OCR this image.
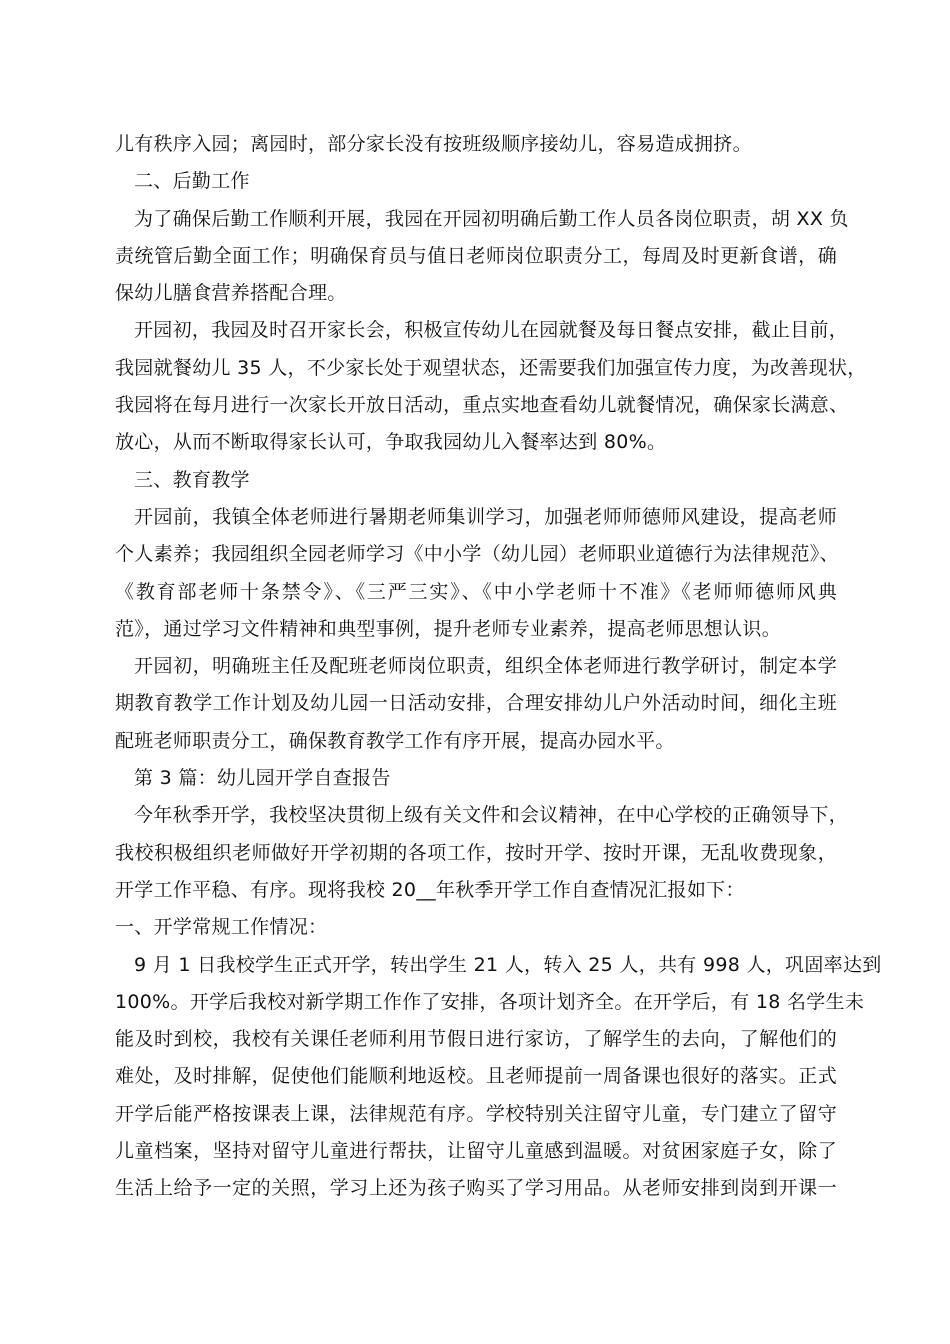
儿有秩序入园；离园时，部分家长没有按班级顺序接幼儿，容易造成拥挤。
二、后勤工作
为了确保后勤工作顺利开展，我园在开园初明确后勤工作人员各岗位职责，胡 XX 负
责统管后勤全面工作；明确保育员与值日老师岗位职责分工，每周及时更新食谱，确
保幼儿膳食营养搭配合理。
开园初，我园及时召开家长会，积极宣传幼儿在园就餐及每日餐点安排，截止目前，
我园就餐幼儿 35 人，不少家长处于观望状态，还需要我们加强宣传力度，为改善现状，
我园将在每月进行一次家长开放日活动，重点实地查看幼儿就餐情况，确保家长满意、
放心，从而不断取得家长认可，争取我园幼儿入餐率达到 80%。
三、教育教学
开园前，我镇全体老师进行暑期老师集训学习，加强老师师德师风建设，提高老师
个人素养；我园组织全园老师学习《中小学（幼儿园）老师职业道德行为法律规范》、
《教育部老师十条禁令》、《三严三实》、《中小学老师十不准》《老师师德师风典
范》，通过学习文件精神和典型事例，提升老师专业素养，提高老师思想认识。
开园初，明确班主任及配班老师岗位职责，组织全体老师进行教学研讨，制定本学
期教育教学工作计划及幼儿园一日活动安排，合理安排幼儿户外活动时间，细化主班
配班老师职责分工，确保教育教学工作有序开展，提高办园水平。
第 3 篇：幼儿园开学自查报告
今年秋季开学，我校坚决贯彻上级有关文件和会议精神，在中心学校的正确领导下，
我校积极组织老师做好开学初期的各项工作，按时开学、按时开课，无乱收费现象，
开学工作平稳、有序。现将我校 20__年秋季开学工作自查情况汇报如下：
一、开学常规工作情况：
9 月 1 日我校学生正式开学，转出学生 21 人，转入 25 人，共有 998 人，巩固率达到
100%。开学后我校对新学期工作作了安排，各项计划齐全。在开学后，有 18 名学生未
能及时到校，我校有关课任老师利用节假日进行家访，了解学生的去向，了解他们的
难处，及时排解，促使他们能顺利地返校。且老师提前一周备课也很好的落实。正式
开学后能严格按课表上课，法律规范有序。学校特别关注留守儿童，专门建立了留守
儿童档案，坚持对留守儿童进行帮扶，让留守儿童感到温暖。对贫困家庭子女，除了
生活上给予一定的关照，学习上还为孩子购买了学习用品。从老师安排到岗到开课一
